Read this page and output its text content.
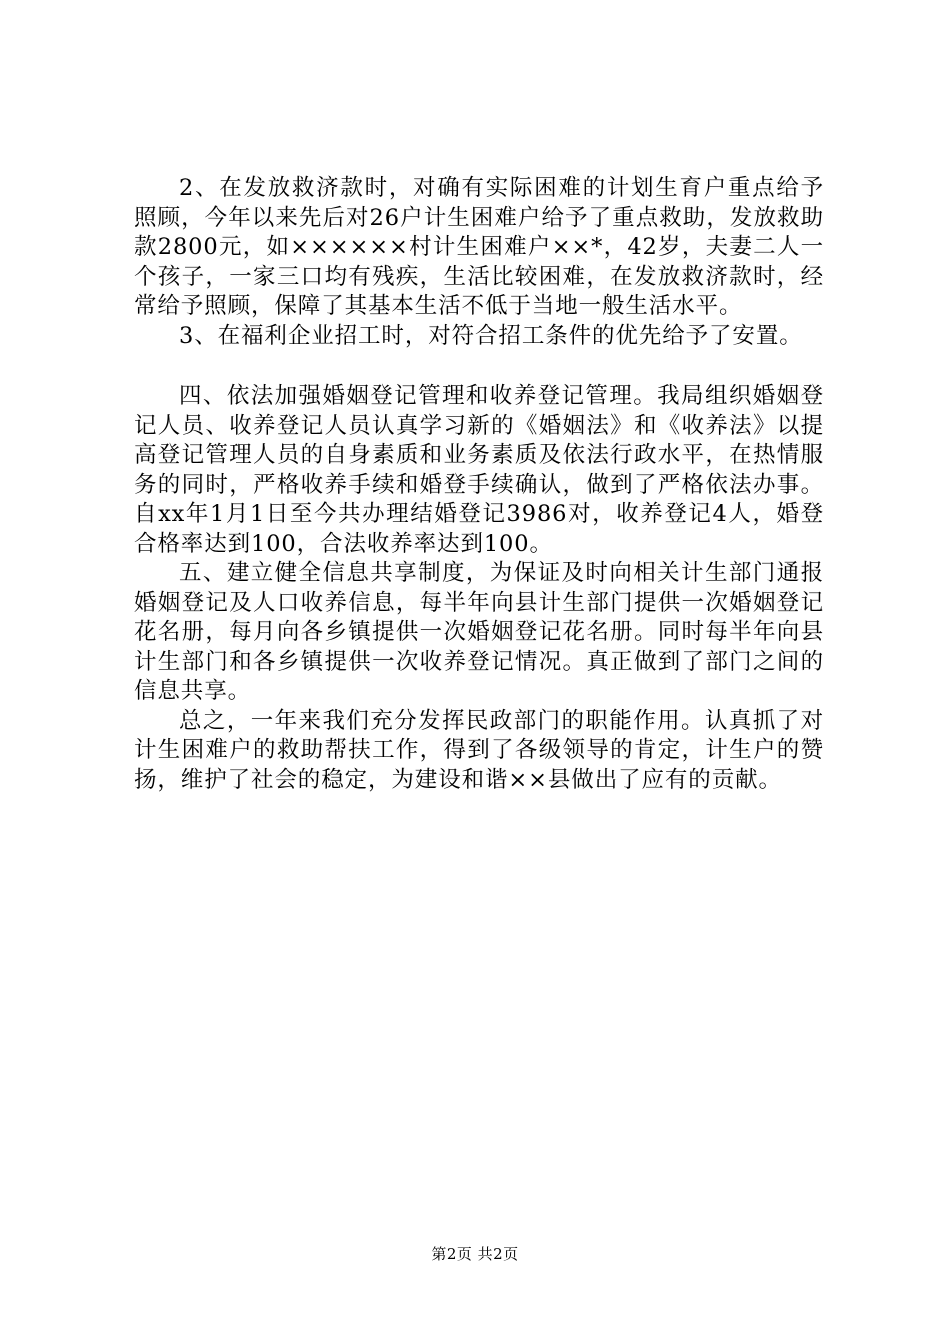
2、在发放救济款时，对确有实际困难的计划生育户重点给予照顾，今年以来先后对26户计生困难户给予了重点救助，发放救助款2800元，如××××××村计生困难户××*，42岁，夫妻二人一个孩子，一家三口均有残疾，生活比较困难，在发放救济款时，经常给予照顾，保障了其基本生活不低于当地一般生活水平。

3、在福利企业招工时，对符合招工条件的优先给予了安置。

四、依法加强婚姻登记管理和收养登记管理。我局组织婚姻登记人员、收养登记人员认真学习新的《婚姻法》和《收养法》以提高登记管理人员的自身素质和业务素质及依法行政水平，在热情服务的同时，严格收养手续和婚登手续确认，做到了严格依法办事。自xx年1月1日至今共办理结婚登记3986对，收养登记4人，婚登合格率达到100，合法收养率达到100。

五、建立健全信息共享制度，为保证及时向相关计生部门通报婚姻登记及人口收养信息，每半年向县计生部门提供一次婚姻登记花名册，每月向各乡镇提供一次婚姻登记花名册。同时每半年向县计生部门和各乡镇提供一次收养登记情况。真正做到了部门之间的信息共享。

总之，一年来我们充分发挥民政部门的职能作用。认真抓了对计生困难户的救助帮扶工作，得到了各级领导的肯定，计生户的赞扬，维护了社会的稳定，为建设和谐××县做出了应有的贡献。

第2页 共2页
